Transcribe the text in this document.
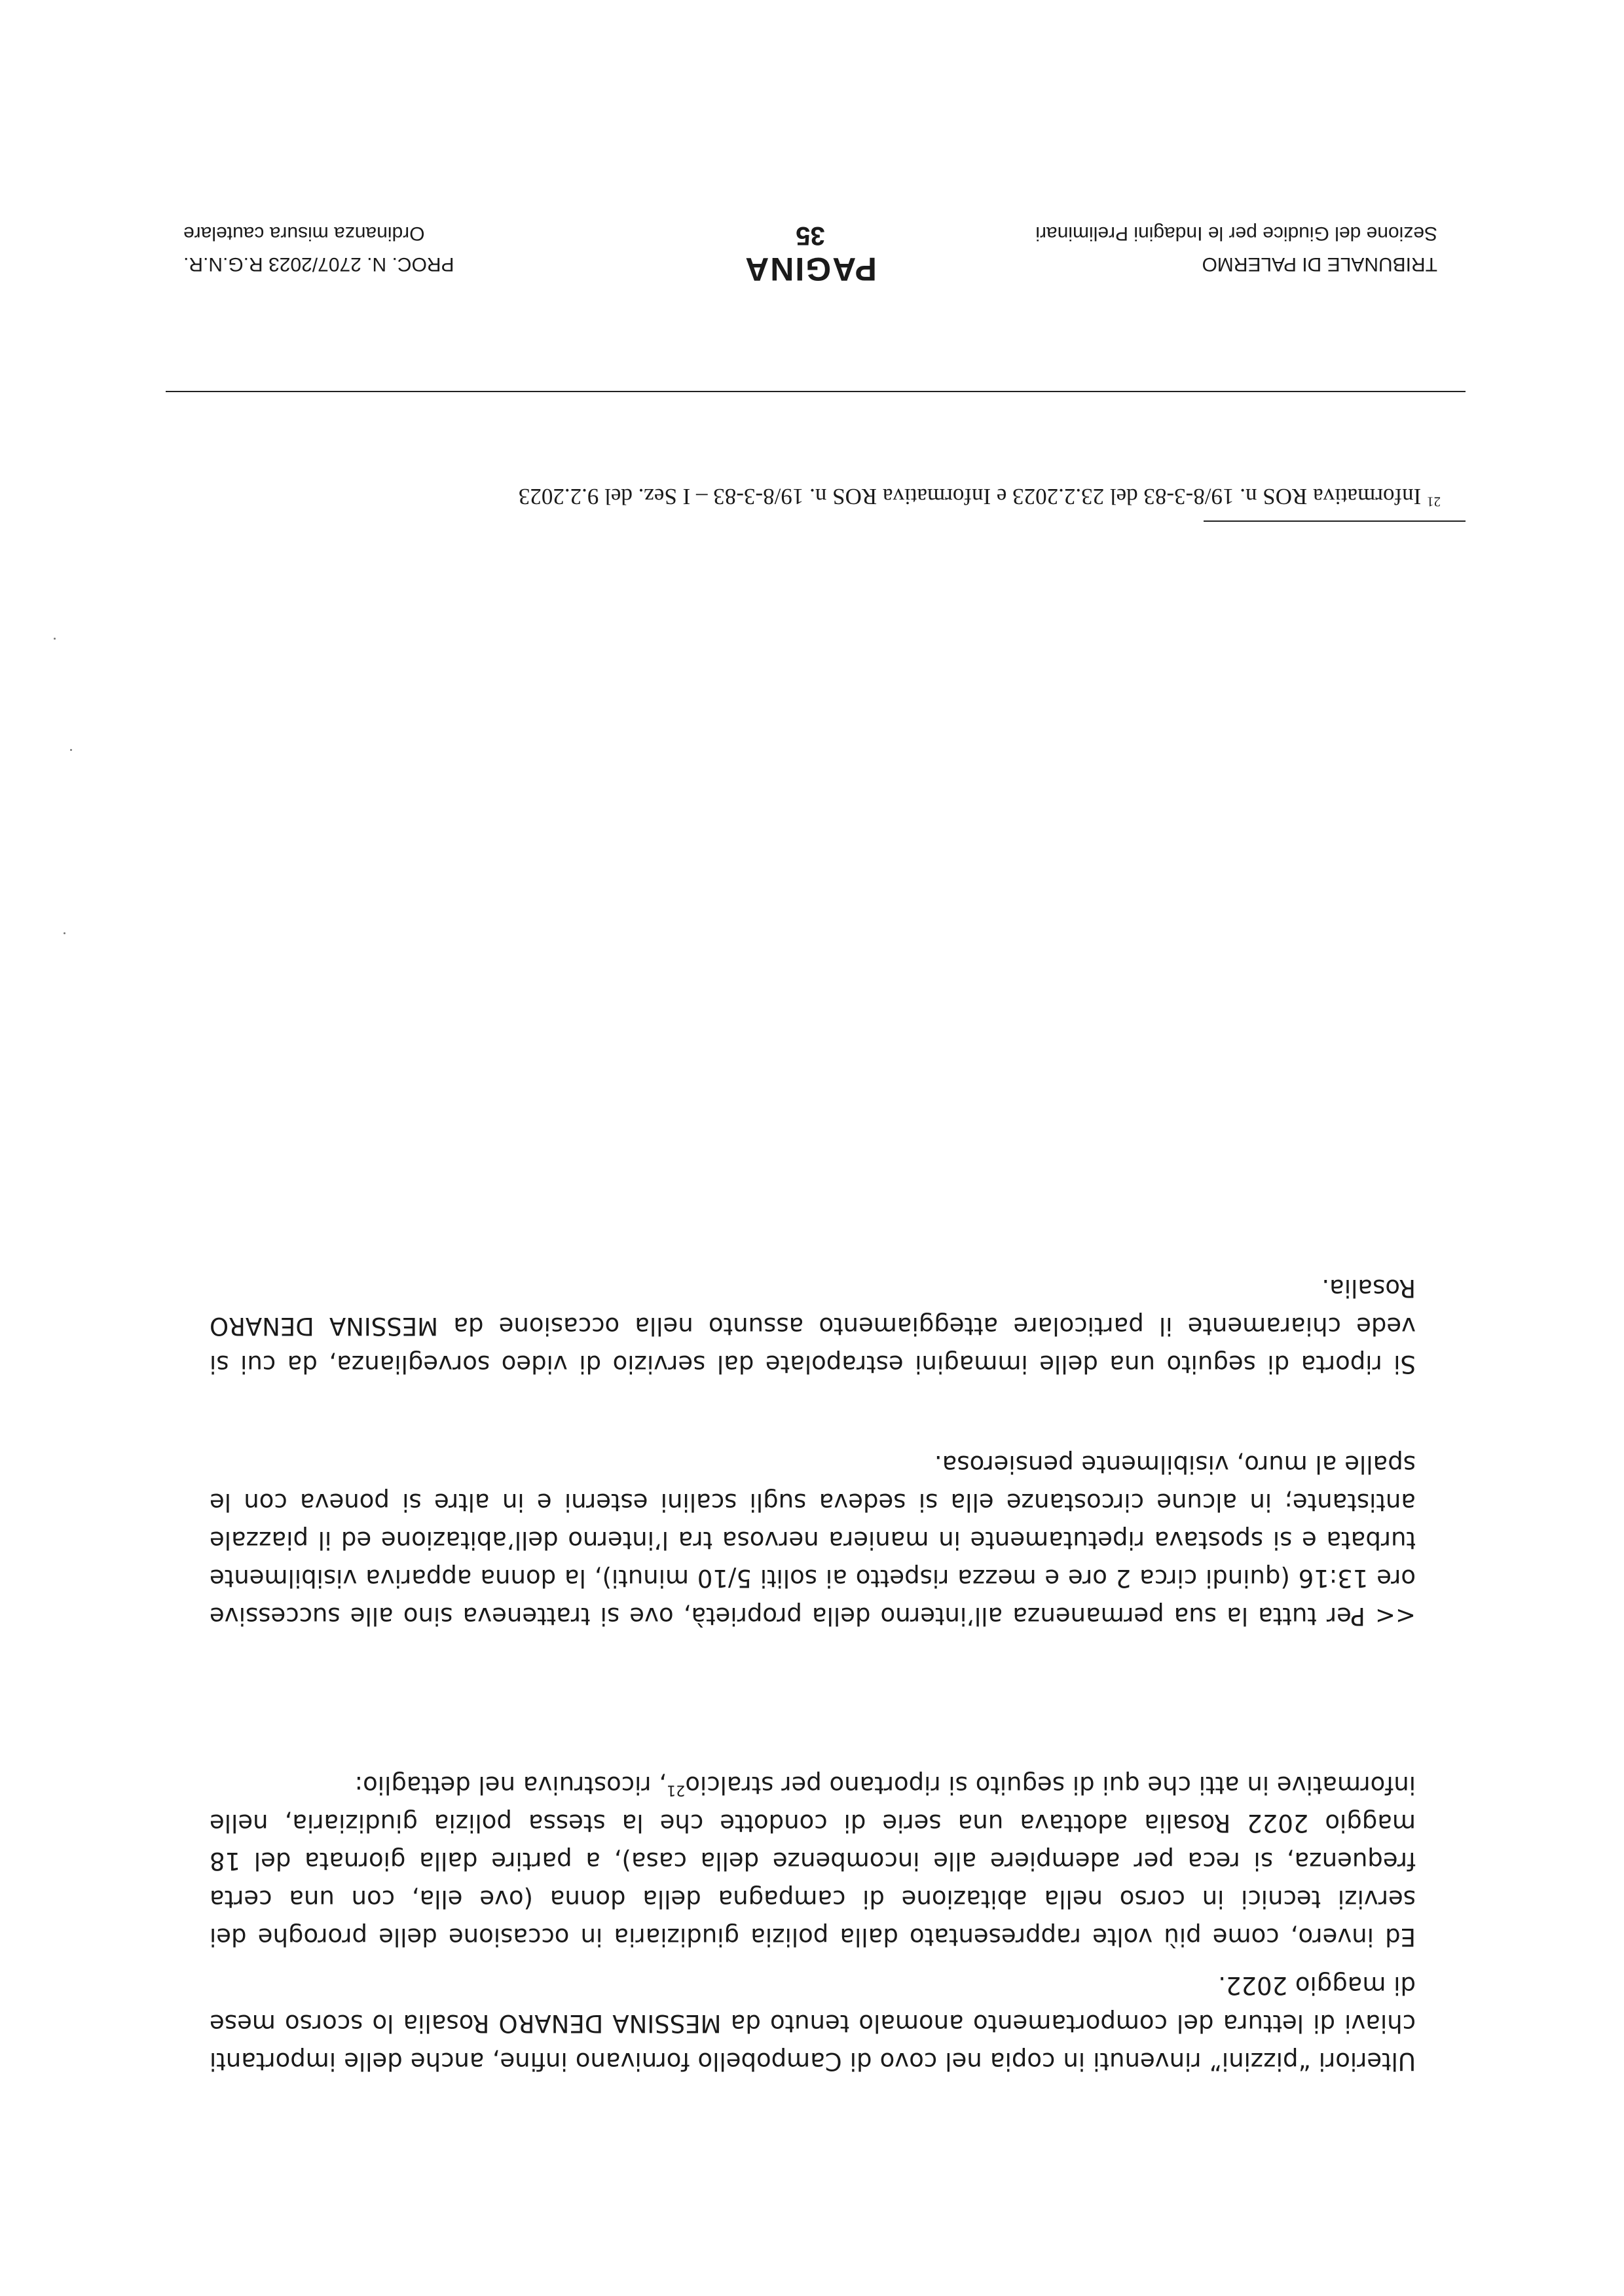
Ulteriori “pizzini” rinvenuti in copia nel covo di Campobello fornivano infine, anche delle importanti chiavi di lettura del comportamento anomalo tenuto da MESSINA DENARO Rosalia lo scorso mese di maggio 2022.

Ed invero, come più volte rappresentato dalla polizia giudiziaria in occasione delle proroghe dei servizi tecnici in corso nella abitazione di campagna della donna (ove ella, con una certa frequenza, si reca per adempiere alle incombenze della casa), a partire dalla giornata del 18 maggio 2022 Rosalia adottava una serie di condotte che la stessa polizia giudiziaria, nelle informative in atti che qui di seguito si riportano per stralcio$^{21}$, ricostruiva nel dettaglio:

<< Per tutta la sua permanenza all’interno della proprietà, ove si tratteneva sino alle successive ore 13:16 (quindi circa 2 ore e mezza rispetto ai soliti 5/10 minuti), la donna appariva visibilmente turbata e si spostava ripetutamente in maniera nervosa tra l’interno dell’abitazione ed il piazzale antistante; in alcune circostanze ella si sedeva sugli scalini esterni e in altre si poneva con le spalle al muro, visibilmente pensierosa.

Si riporta di seguito una delle immagini estrapolate dal servizio di video sorveglianza, da cui si vede chiaramente il particolare atteggiamento assunto nella occasione da MESSINA DENARO Rosalia.

$^{21}$ Informativa ROS n. 19/8-3-83 del 23.2.2023 e Informativa ROS n. 19/8-3-83 – I Sez. del 9.2.2023
TRIBUNALE DI PALERMO
PAGINA
PROC. N. 2707/2023 R.G.N.R.
Sezione del Giudice per le Indagini Preliminari
35
Ordinanza misura cautelare
